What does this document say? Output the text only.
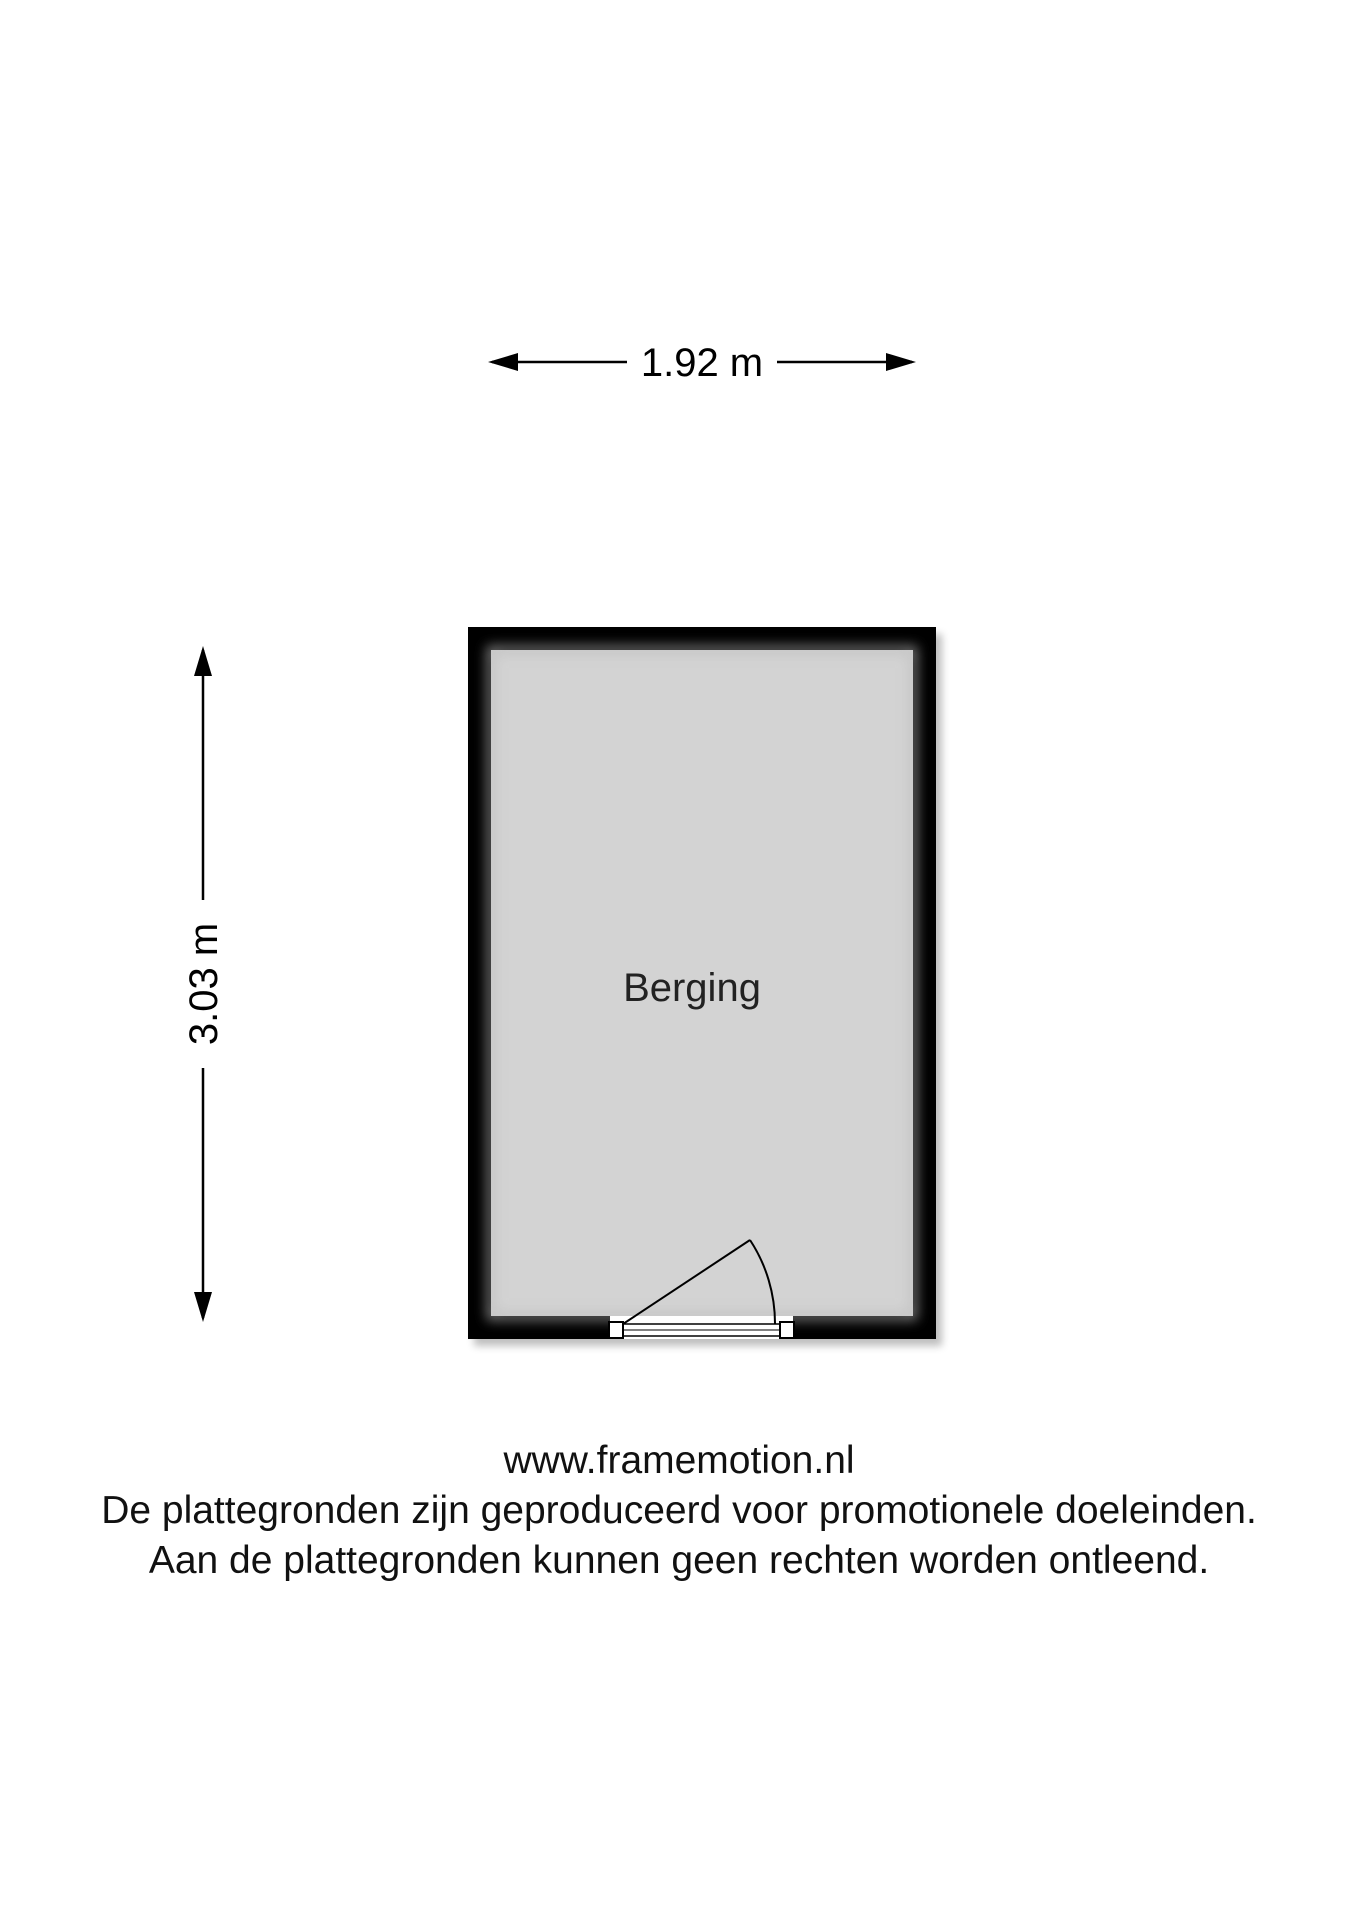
1.92 m
3.03 m	Berging
www.framemotion.nl
De plattegronden zijn geproduceerd voor promotionele doeleinden.
Aan de plattegronden kunnen geen rechten worden ontleend.
